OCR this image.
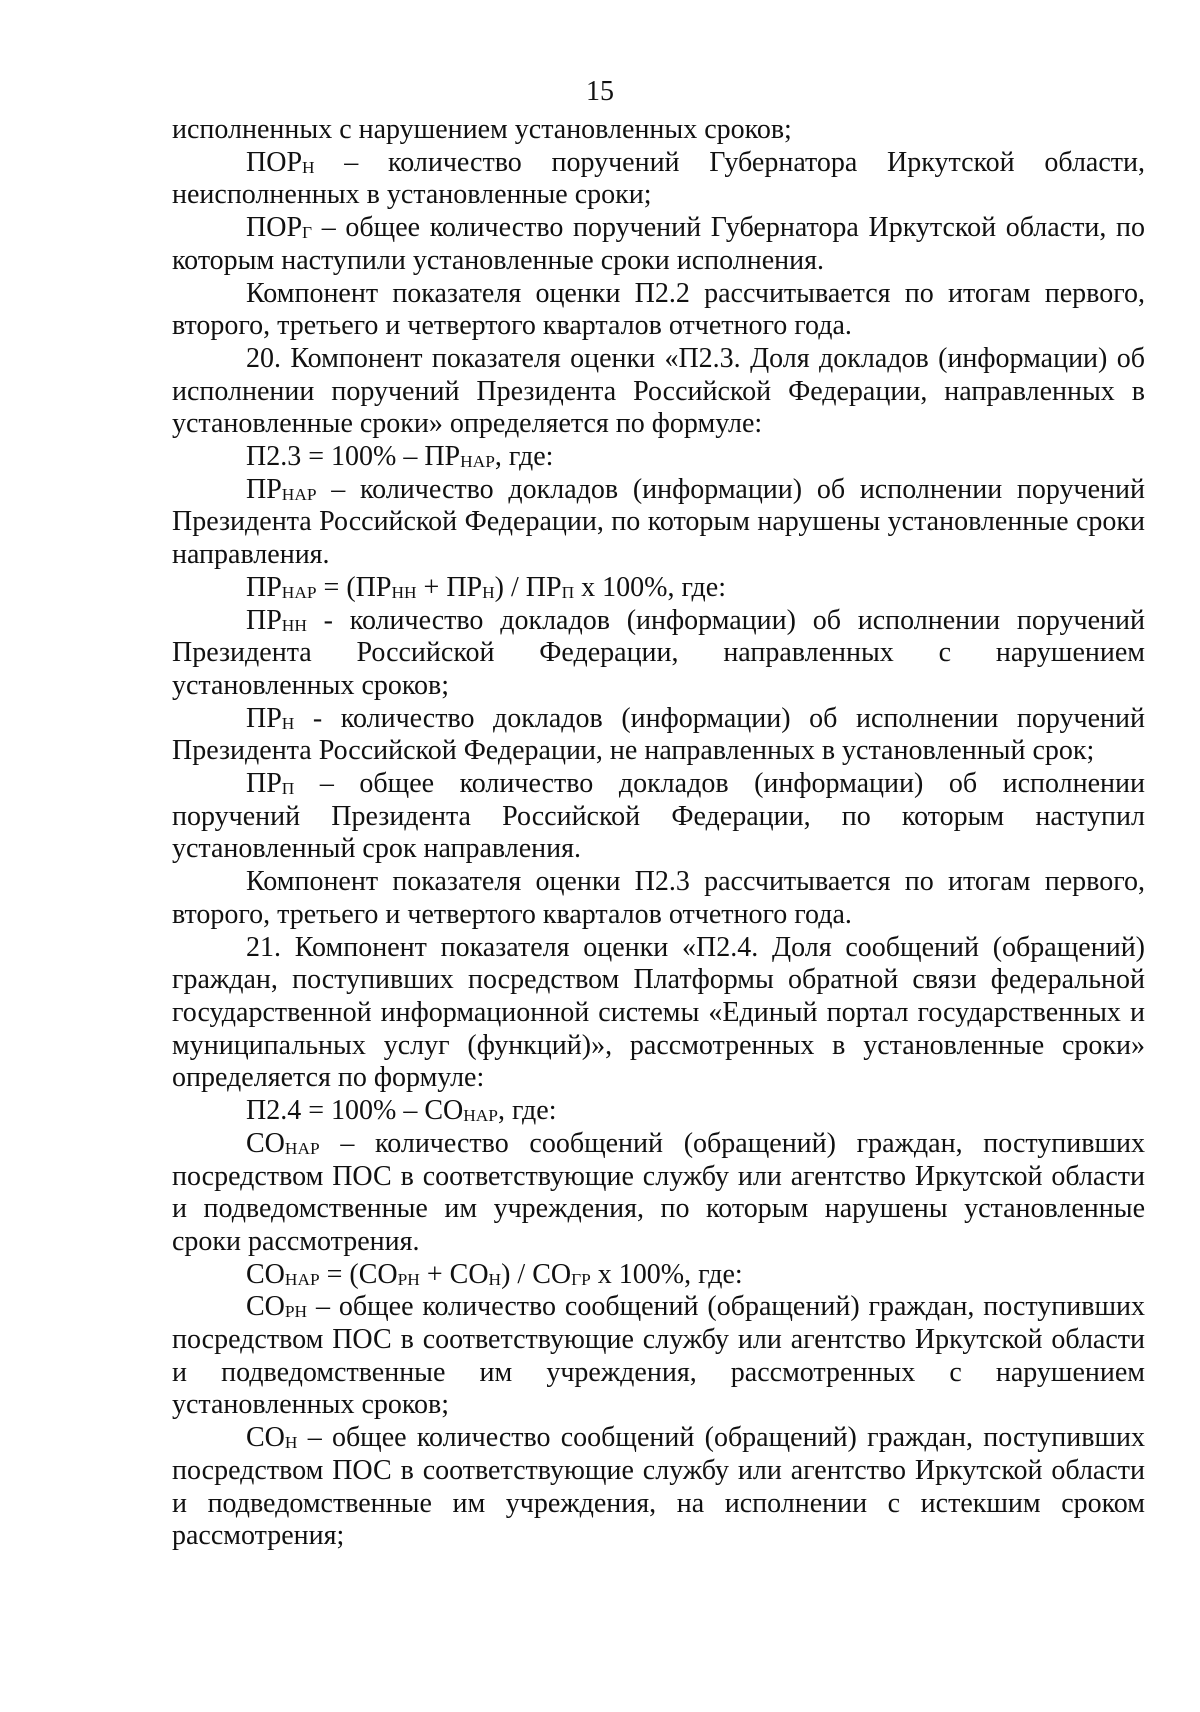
15

исполненных с нарушением установленных сроков;

ПОРН – количество поручений Губернатора Иркутской области, неисполненных в установленные сроки;

ПОРГ – общее количество поручений Губернатора Иркутской области, по которым наступили установленные сроки исполнения.

Компонент показателя оценки П2.2 рассчитывается по итогам первого, второго, третьего и четвертого кварталов отчетного года.

20. Компонент показателя оценки «П2.3. Доля докладов (информации) об исполнении поручений Президента Российской Федерации, направленных в установленные сроки» определяется по формуле:

П2.3 = 100% – ПРНАР, где:

ПРНАР – количество докладов (информации) об исполнении поручений Президента Российской Федерации, по которым нарушены установленные сроки направления.

ПРНАР = (ПРНН + ПРН) / ПРП x 100%, где:

ПРНН - количество докладов (информации) об исполнении поручений Президента Российской Федерации, направленных с нарушением установленных сроков;

ПРН - количество докладов (информации) об исполнении поручений Президента Российской Федерации, не направленных в установленный срок;

ПРП – общее количество докладов (информации) об исполнении поручений Президента Российской Федерации, по которым наступил установленный срок направления.

Компонент показателя оценки П2.3 рассчитывается по итогам первого, второго, третьего и четвертого кварталов отчетного года.

21. Компонент показателя оценки «П2.4. Доля сообщений (обращений) граждан, поступивших посредством Платформы обратной связи федеральной государственной информационной системы «Единый портал государственных и муниципальных услуг (функций)», рассмотренных в установленные сроки» определяется по формуле:

П2.4 = 100% – СОНАР, где:

СОНАР – количество сообщений (обращений) граждан, поступивших посредством ПОС в соответствующие службу или агентство Иркутской области и подведомственные им учреждения, по которым нарушены установленные сроки рассмотрения.

СОНАР = (СОРН + СОН) / СОГР x 100%, где:

СОРН – общее количество сообщений (обращений) граждан, поступивших посредством ПОС в соответствующие службу или агентство Иркутской области и подведомственные им учреждения, рассмотренных с нарушением установленных сроков;

СОН – общее количество сообщений (обращений) граждан, поступивших посредством ПОС в соответствующие службу или агентство Иркутской области и подведомственные им учреждения, на исполнении с истекшим сроком рассмотрения;
